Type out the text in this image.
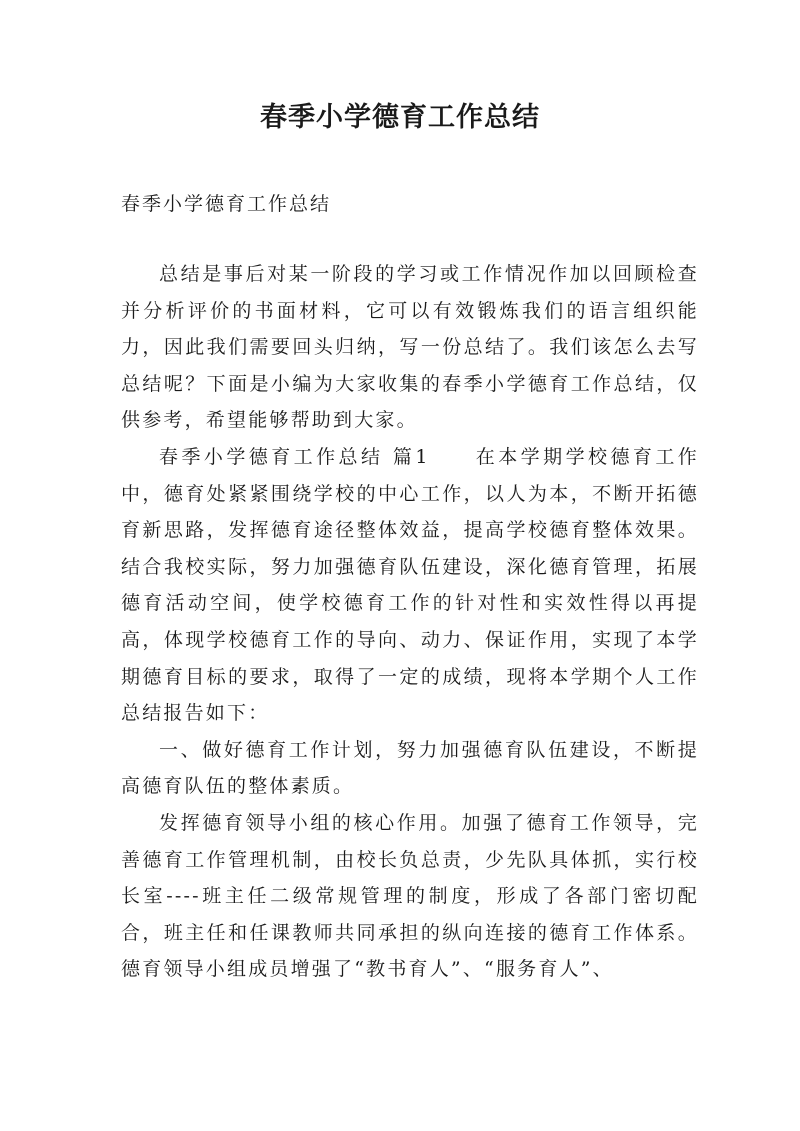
春季小学德育工作总结
春季小学德育工作总结

总结是事后对某一阶段的学习或工作情况作加以回顾检查并分析评价的书面材料，它可以有效锻炼我们的语言组织能力，因此我们需要回头归纳，写一份总结了。我们该怎么去写总结呢？下面是小编为大家收集的春季小学德育工作总结，仅供参考，希望能够帮助到大家。

春季小学德育工作总结 篇1　　在本学期学校德育工作中，德育处紧紧围绕学校的中心工作，以人为本，不断开拓德育新思路，发挥德育途径整体效益，提高学校德育整体效果。结合我校实际，努力加强德育队伍建设，深化德育管理，拓展德育活动空间，使学校德育工作的针对性和实效性得以再提高，体现学校德育工作的导向、动力、保证作用，实现了本学期德育目标的要求，取得了一定的成绩，现将本学期个人工作总结报告如下：

一、做好德育工作计划，努力加强德育队伍建设，不断提高德育队伍的整体素质。

发挥德育领导小组的核心作用。加强了德育工作领导，完善德育工作管理机制，由校长负总责，少先队具体抓，实行校长室----班主任二级常规管理的制度，形成了各部门密切配合，班主任和任课教师共同承担的纵向连接的德育工作体系。德育领导小组成员增强了“教书育人”、“服务育人”、
